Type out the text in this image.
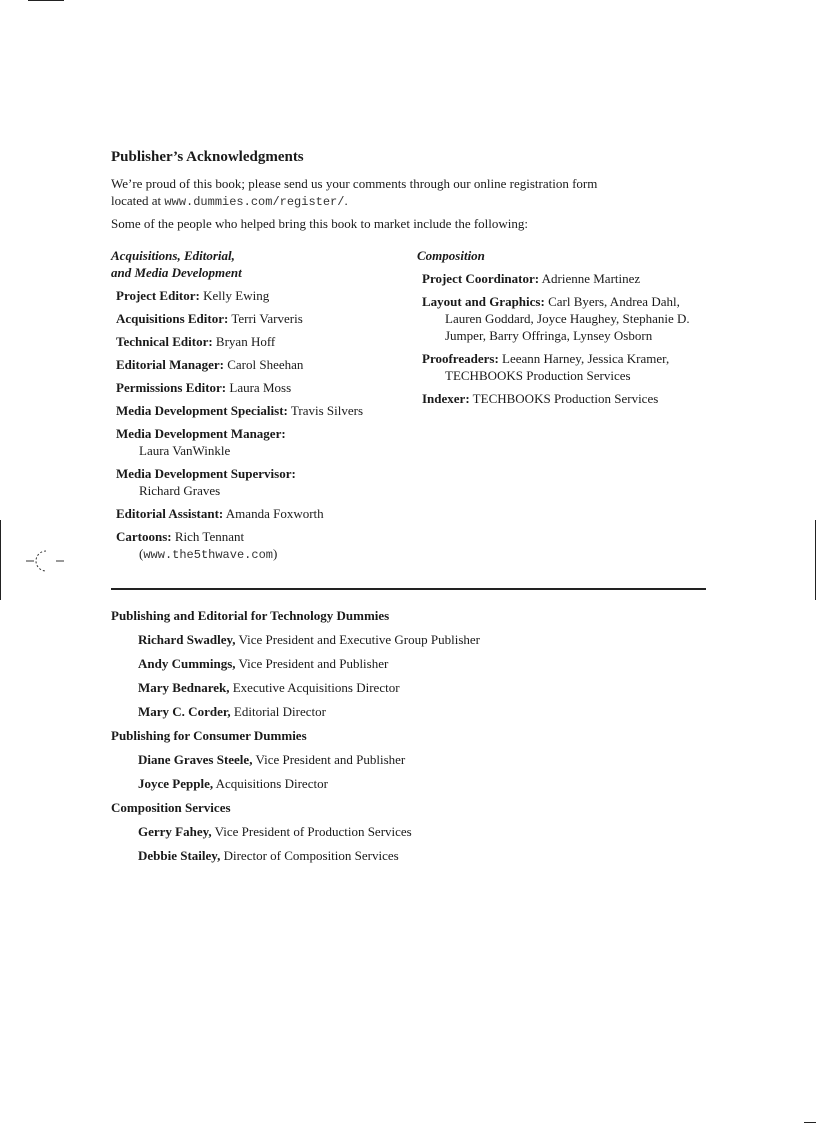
Publisher’s Acknowledgments

We’re proud of this book; please send us your comments through our online registration form
located at www.dummies.com/register/.

Some of the people who helped bring this book to market include the following:

Acquisitions, Editorial,
and Media Development
Project Editor: Kelly Ewing
Acquisitions Editor: Terri Varveris
Technical Editor: Bryan Hoff
Editorial Manager: Carol Sheehan
Permissions Editor: Laura Moss
Media Development Specialist: Travis Silvers
Media Development Manager:
Laura VanWinkle
Media Development Supervisor:
Richard Graves
Editorial Assistant: Amanda Foxworth
Cartoons: Rich Tennant
(www.the5thwave.com)
Composition
Project Coordinator: Adrienne Martinez
Layout and Graphics: Carl Byers, Andrea Dahl, Lauren Goddard, Joyce Haughey, Stephanie D. Jumper, Barry Offringa, Lynsey Osborn
Proofreaders: Leeann Harney, Jessica Kramer, TECHBOOKS Production Services
Indexer: TECHBOOKS Production Services
Publishing and Editorial for Technology Dummies
Richard Swadley, Vice President and Executive Group Publisher
Andy Cummings, Vice President and Publisher
Mary Bednarek, Executive Acquisitions Director
Mary C. Corder, Editorial Director
Publishing for Consumer Dummies
Diane Graves Steele, Vice President and Publisher
Joyce Pepple, Acquisitions Director
Composition Services
Gerry Fahey, Vice President of Production Services
Debbie Stailey, Director of Composition Services
